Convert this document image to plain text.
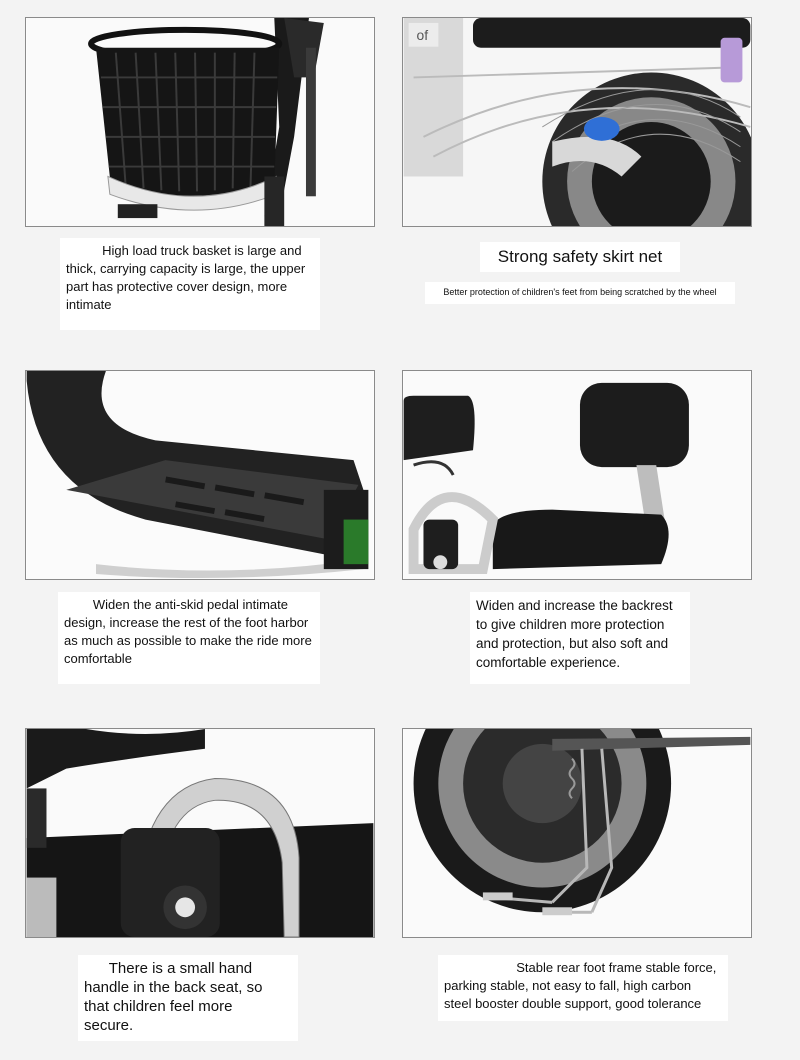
High load truck basket is large and
thick, carrying capacity is large, the upper
part has protective cover design, more
intimate
of
Strong safety skirt net
Better protection of children's feet from being scratched by the wheel
Widen the anti-skid pedal intimate
design, increase the rest of the foot harbor
as much as possible to make the ride more
comfortable
Widen and increase the backrest
to give children more protection
and protection, but also soft and
comfortable experience.
There is a small hand
handle in the back seat, so
that children feel more
secure.
Stable rear foot frame stable force,
parking stable, not easy to fall, high carbon
steel booster double support, good tolerance
